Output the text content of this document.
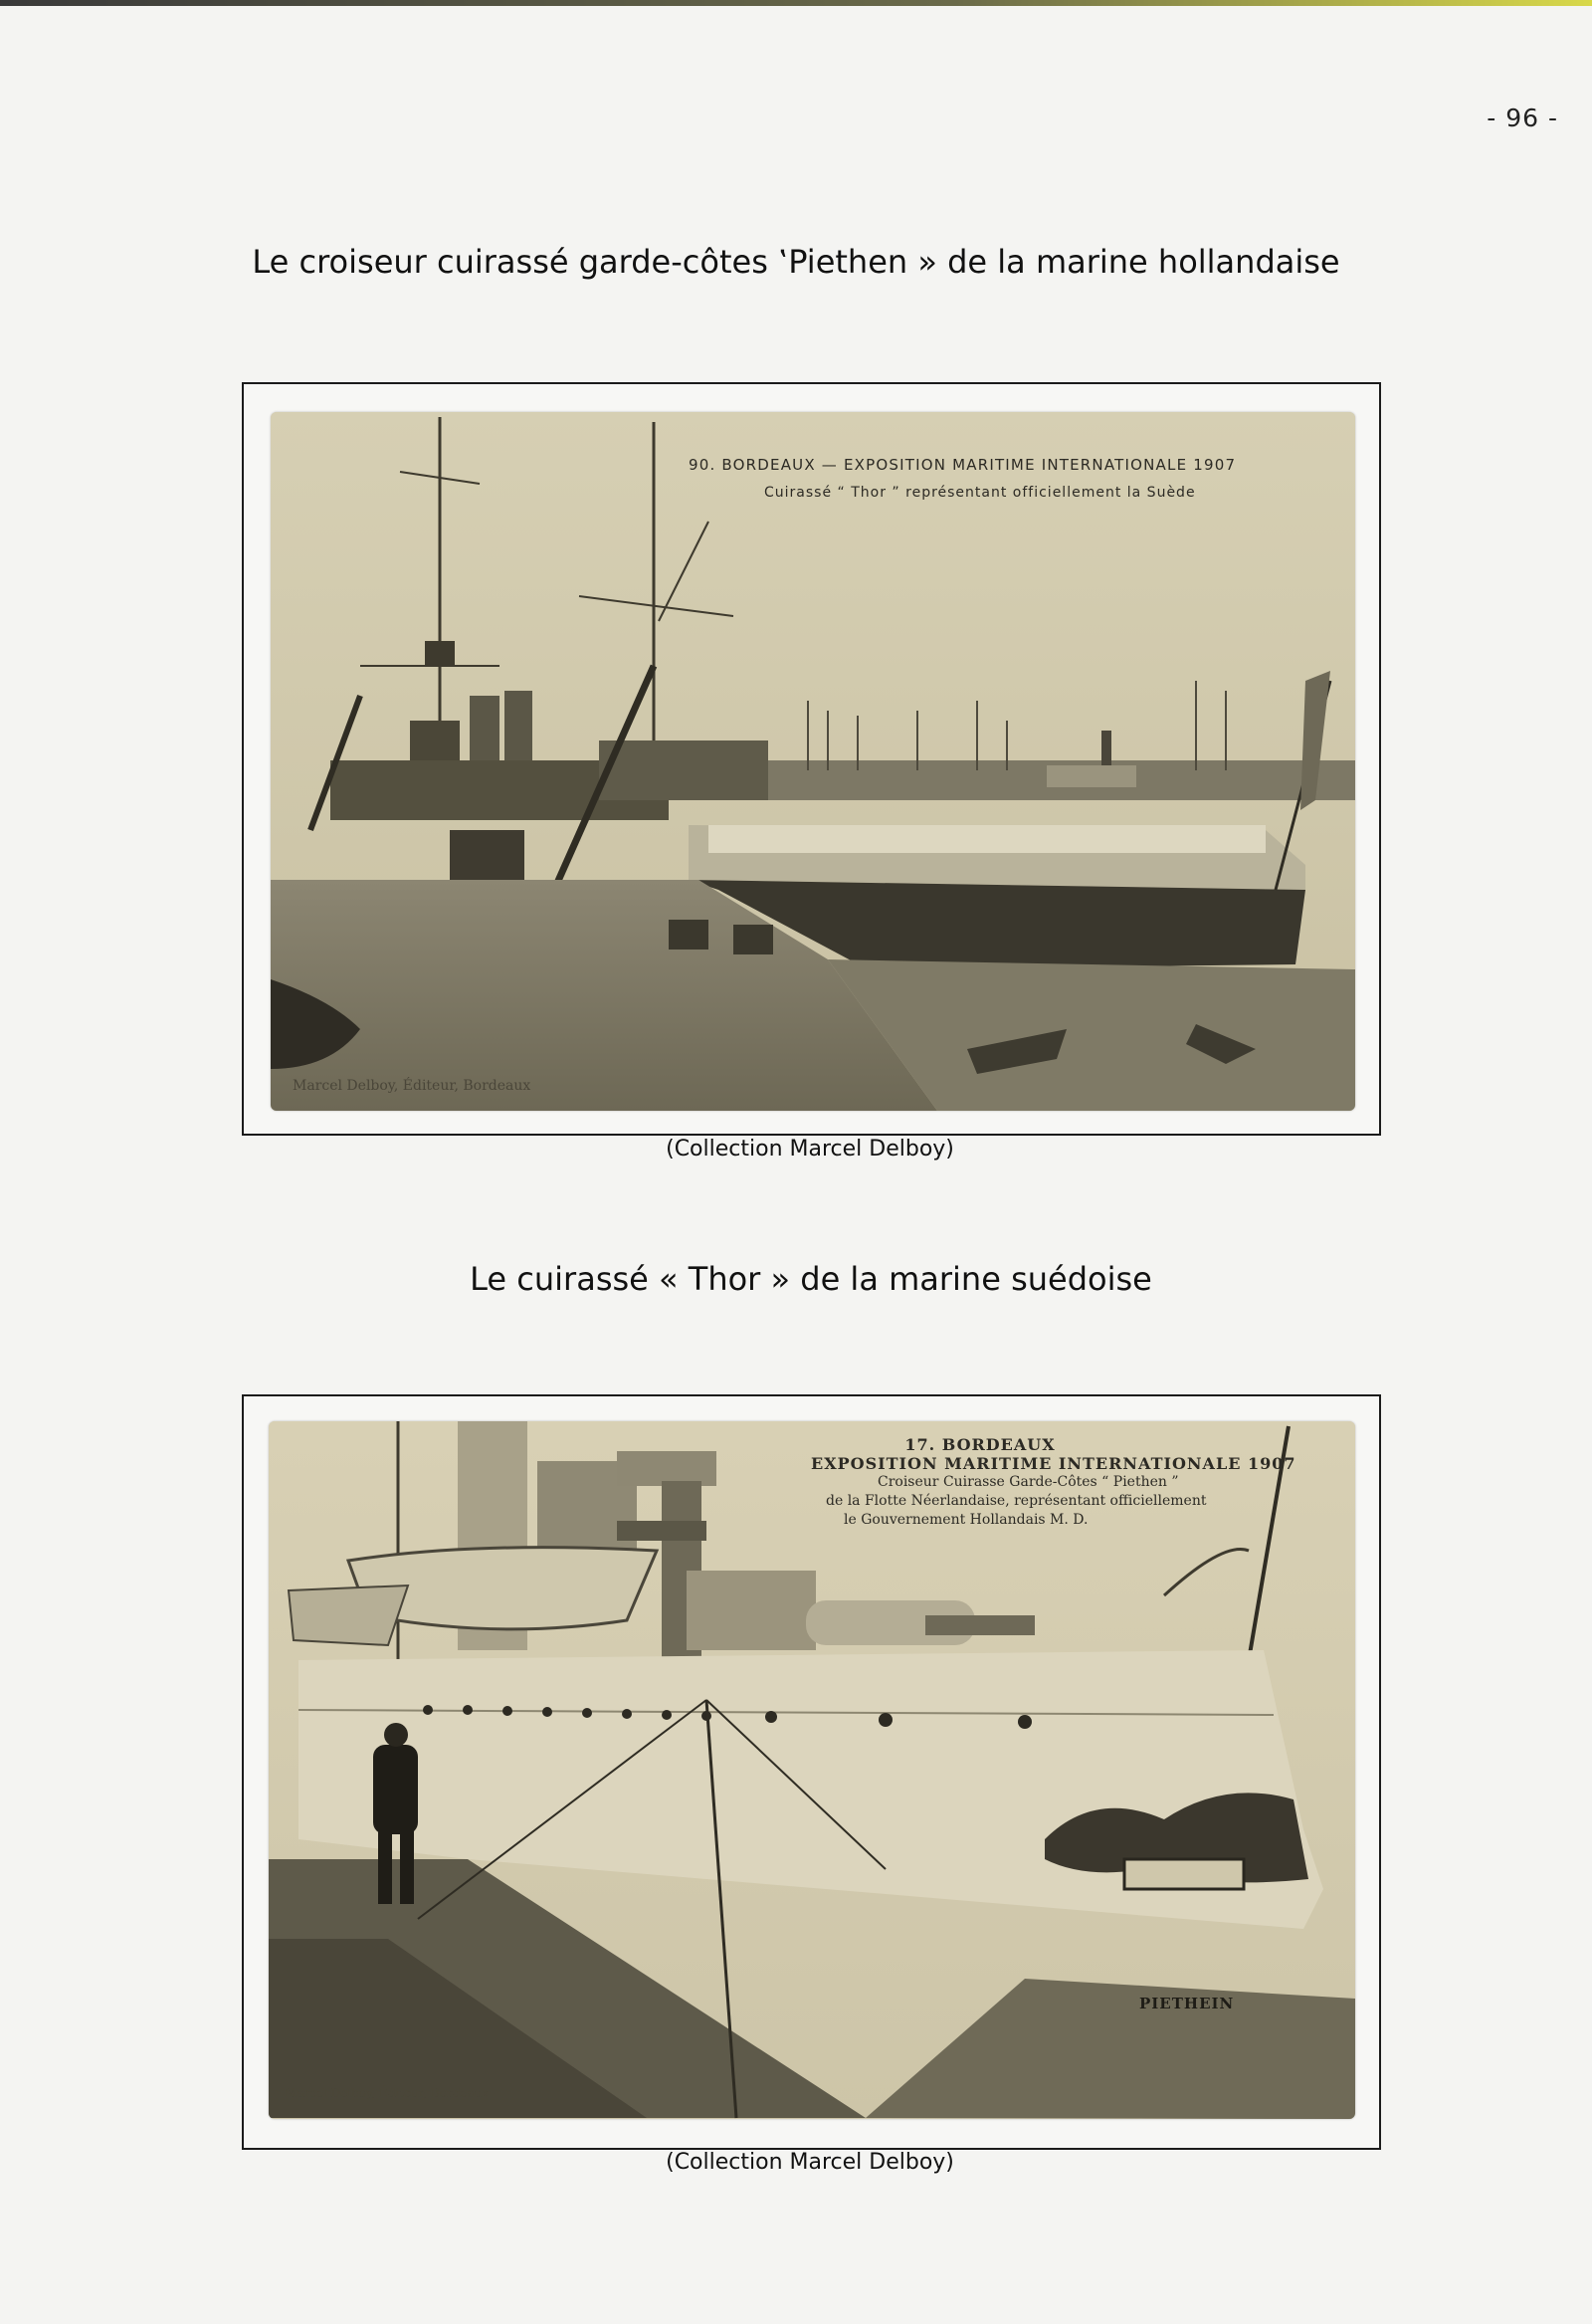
- 96 -
Le croiseur cuirassé garde-côtes ‛Piethen » de la marine hollandaise
90. BORDEAUX — EXPOSITION MARITIME INTERNATIONALE 1907
Cuirassé “ Thor ” représentant officiellement la Suède
Marcel Delboy, Éditeur, Bordeaux
(Collection Marcel Delboy)
Le cuirassé « Thor » de la marine suédoise
17. BORDEAUX
EXPOSITION MARITIME INTERNATIONALE 1907
Croiseur Cuirasse Garde-Côtes “ Piethen ”
de la Flotte Néerlandaise, représentant officiellement
le Gouvernement Hollandais M. D.
PIETHEIN
Marcel Delboy, Éditeur, Bordeaux
(Collection Marcel Delboy)
